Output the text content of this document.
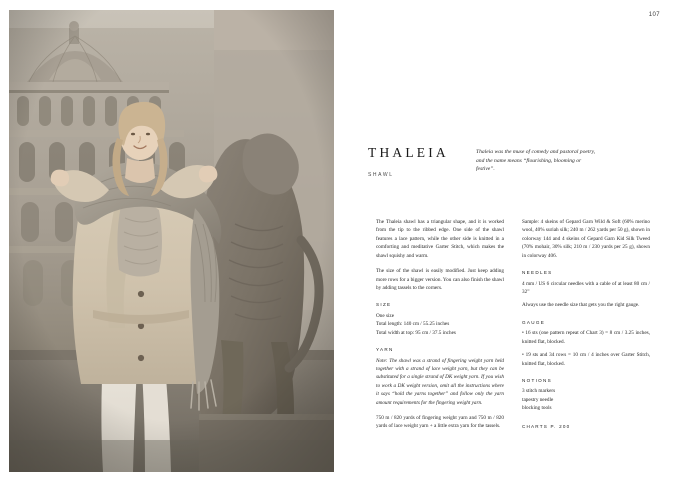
107
THALEIA
SHAWL
Thaleia was the muse of comedy and pastoral poetry, and the name means “flourishing, blooming or festive”.

The Thaleia shawl has a triangular shape, and it is worked from the tip to the ribbed edge. One side of the shawl features a lace pattern, while the other side is knitted in a comforting and meditative Garter Stitch, which makes the shawl squishy and warm.

The size of the shawl is easily modified. Just keep adding more rows for a bigger version. You can also finish the shawl by adding tassels to the corners.

SIZE

One size

Total length: 140 cm / 55.25 inches

Total width at top: 95 cm / 37.5 inches

YARN

Note: The shawl was a strand of fingering weight yarn held together with a strand of lace weight yarn, but they can be substituted for a single strand of DK weight yarn. If you wish to work a DK weight version, omit all the instructions where it says “hold the yarns together” and follow only the yarn amount requirements for the fingering weight yarn.

750 m / 820 yards of fingering weight yarn and 750 m / 820 yards of lace weight yarn + a little extra yarn for the tassels.

Sample: 4 skeins of Gepard Garn Wild & Soft (60% merino wool, 40% suriah silk; 240 m / 262 yards per 50 g), shown in colorway 144 and 4 skeins of Gepard Garn Kid Silk Tweed (70% mohair, 30% silk; 210 m / 230 yards per 25 g), shown in colorway 406.

NEEDLES

4 mm / US 6 circular needles with a cable of at least 80 cm / 32”

Always use the needle size that gets you the right gauge.

GAUGE

• 16 sts (one pattern repeat of Chart 3) = 8 cm / 3.25 inches, knitted flat, blocked.

• 19 sts and 34 rows = 10 cm / 4 inches over Garter Stitch, knitted flat, blocked.

NOTIONS

3 stitch markers

tapestry needle

blocking tools

CHARTS P. 200
